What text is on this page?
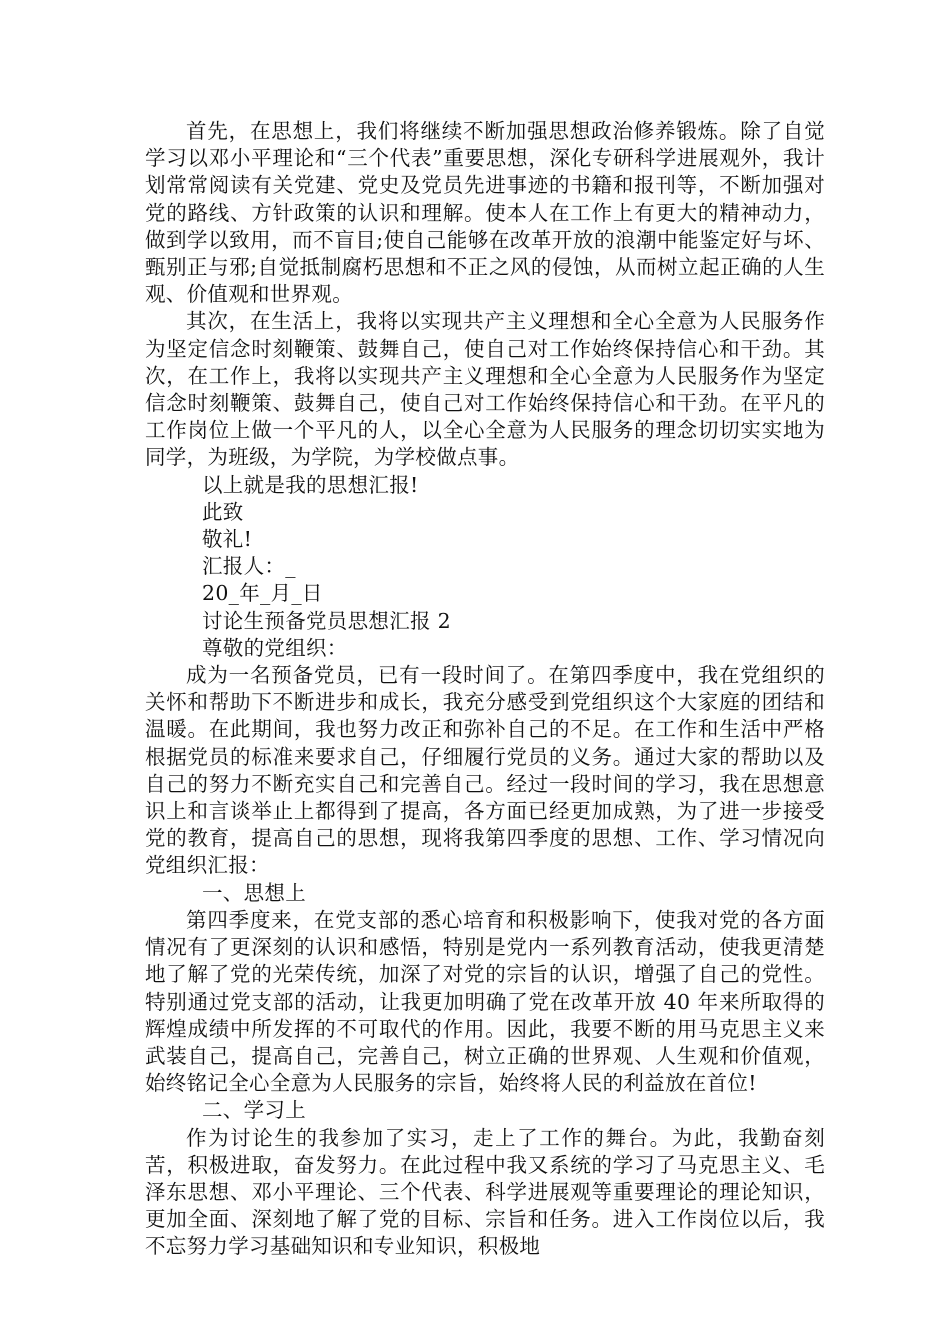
首先，在思想上，我们将继续不断加强思想政治修养锻炼。除了自觉学习以邓小平理论和“三个代表”重要思想，深化专研科学进展观外，我计划常常阅读有关党建、党史及党员先进事迹的书籍和报刊等，不断加强对党的路线、方针政策的认识和理解。使本人在工作上有更大的精神动力，做到学以致用，而不盲目;使自己能够在改革开放的浪潮中能鉴定好与坏、甄别正与邪;自觉抵制腐朽思想和不正之风的侵蚀，从而树立起正确的人生观、价值观和世界观。

其次，在生活上，我将以实现共产主义理想和全心全意为人民服务作为坚定信念时刻鞭策、鼓舞自己，使自己对工作始终保持信心和干劲。其次，在工作上，我将以实现共产主义理想和全心全意为人民服务作为坚定信念时刻鞭策、鼓舞自己，使自己对工作始终保持信心和干劲。在平凡的工作岗位上做一个平凡的人，以全心全意为人民服务的理念切切实实地为同学，为班级，为学院，为学校做点事。

以上就是我的思想汇报!

此致

敬礼!

汇报人：_

20_年_月_日

讨论生预备党员思想汇报 2

尊敬的党组织：

成为一名预备党员，已有一段时间了。在第四季度中，我在党组织的关怀和帮助下不断进步和成长，我充分感受到党组织这个大家庭的团结和温暖。在此期间，我也努力改正和弥补自己的不足。在工作和生活中严格根据党员的标准来要求自己，仔细履行党员的义务。通过大家的帮助以及自己的努力不断充实自己和完善自己。经过一段时间的学习，我在思想意识上和言谈举止上都得到了提高，各方面已经更加成熟，为了进一步接受党的教育，提高自己的思想，现将我第四季度的思想、工作、学习情况向党组织汇报：

一、思想上

第四季度来，在党支部的悉心培育和积极影响下，使我对党的各方面情况有了更深刻的认识和感悟，特别是党内一系列教育活动，使我更清楚地了解了党的光荣传统，加深了对党的宗旨的认识，增强了自己的党性。特别通过党支部的活动，让我更加明确了党在改革开放 40 年来所取得的辉煌成绩中所发挥的不可取代的作用。因此，我要不断的用马克思主义来武装自己，提高自己，完善自己，树立正确的世界观、人生观和价值观，始终铭记全心全意为人民服务的宗旨，始终将人民的利益放在首位!

二、学习上

作为讨论生的我参加了实习，走上了工作的舞台。为此，我勤奋刻苦，积极进取，奋发努力。在此过程中我又系统的学习了马克思主义、毛泽东思想、邓小平理论、三个代表、科学进展观等重要理论的理论知识，更加全面、深刻地了解了党的目标、宗旨和任务。进入工作岗位以后，我不忘努力学习基础知识和专业知识，积极地
